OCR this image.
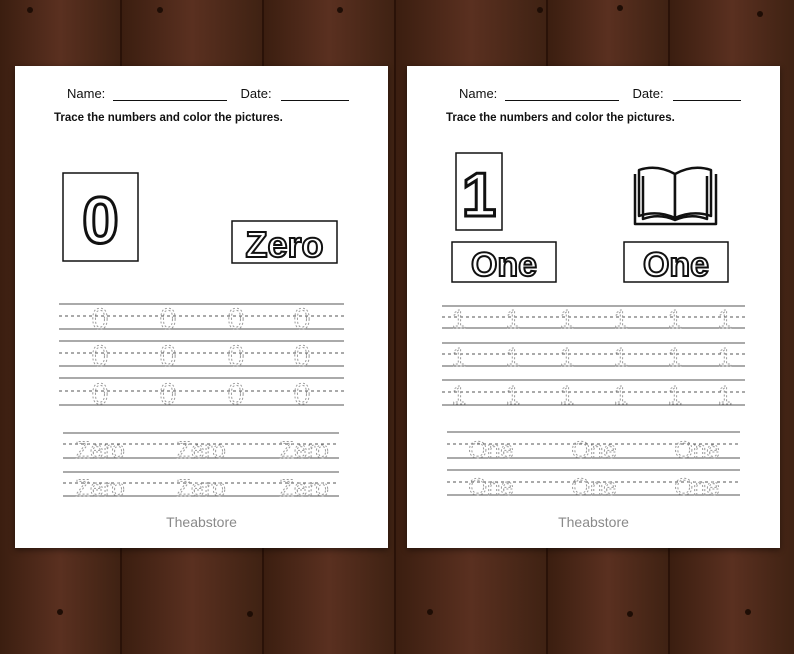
Name:	Date:
Trace the numbers and color the pictures.
0	Zero
0 0 0 0
0 0 0 0
0 0 0 0
Zero Zero Zero
Zero Zero Zero
Theabstore
Name:	Date:
Trace the numbers and color the pictures.
1
One	One
1 1 1 1 1 1
1 1 1 1 1 1
1 1 1 1 1 1
One One One
One One One
Theabstore
